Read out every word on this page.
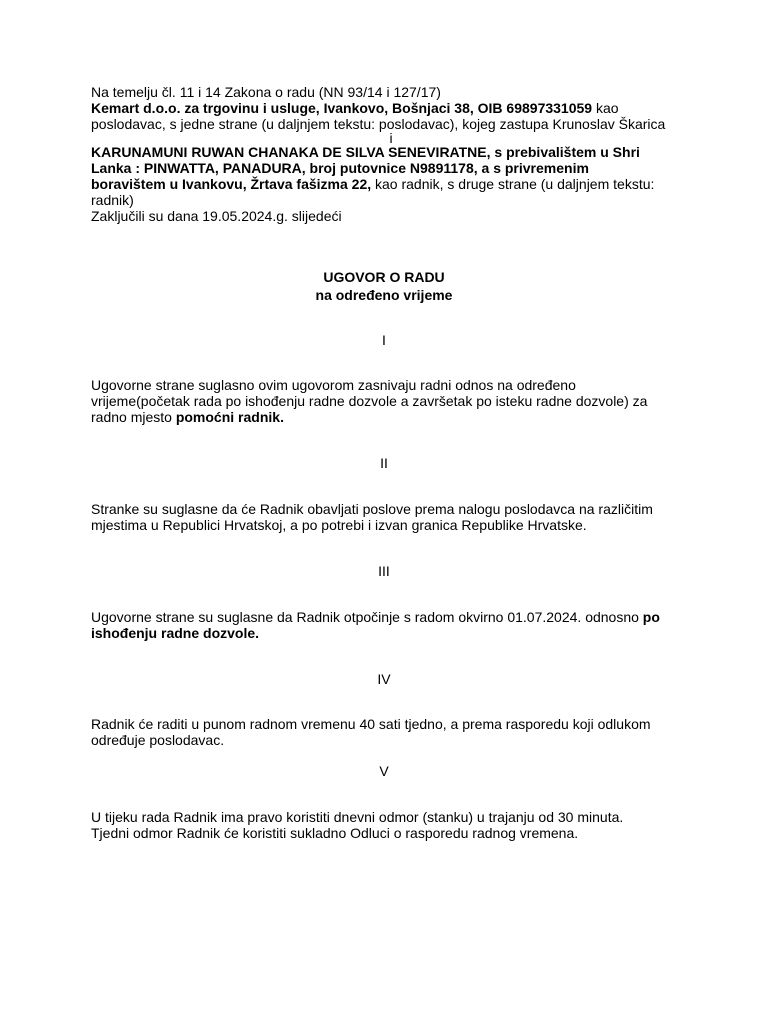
Na temelju čl. 11 i 14 Zakona o radu (NN 93/14 i 127/17)
Kemart d.o.o. za trgovinu i usluge, Ivankovo, Bošnjaci 38, OIB 69897331059 kao
poslodavac, s jedne strane (u daljnjem tekstu: poslodavac), kojeg zastupa Krunoslav Škarica
i
KARUNAMUNI RUWAN CHANAKA DE SILVA SENEVIRATNE, s prebivalištem u Shri
Lanka : PINWATTA, PANADURA, broj putovnice N9891178, a s privremenim
boravištem u Ivankovu, Žrtava fašizma 22, kao radnik, s druge strane (u daljnjem tekstu:
radnik)
Zaključili su dana 19.05.2024.g. slijedeći
UGOVOR O RADU
na određeno vrijeme
I
Ugovorne strane suglasno ovim ugovorom zasnivaju radni odnos na određeno
vrijeme(početak rada po ishođenju radne dozvole a završetak po isteku radne dozvole) za
radno mjesto pomoćni radnik.
II
Stranke su suglasne da će Radnik obavljati poslove prema nalogu poslodavca na različitim
mjestima u Republici Hrvatskoj, a po potrebi i izvan granica Republike Hrvatske.
III
Ugovorne strane su suglasne da Radnik otpočinje s radom okvirno 01.07.2024. odnosno po
ishođenju radne dozvole.
IV
Radnik će raditi u punom radnom vremenu 40 sati tjedno, a prema rasporedu koji odlukom
određuje poslodavac.
V
U tijeku rada Radnik ima pravo koristiti dnevni odmor (stanku) u trajanju od 30 minuta.
Tjedni odmor Radnik će koristiti sukladno Odluci o rasporedu radnog vremena.
